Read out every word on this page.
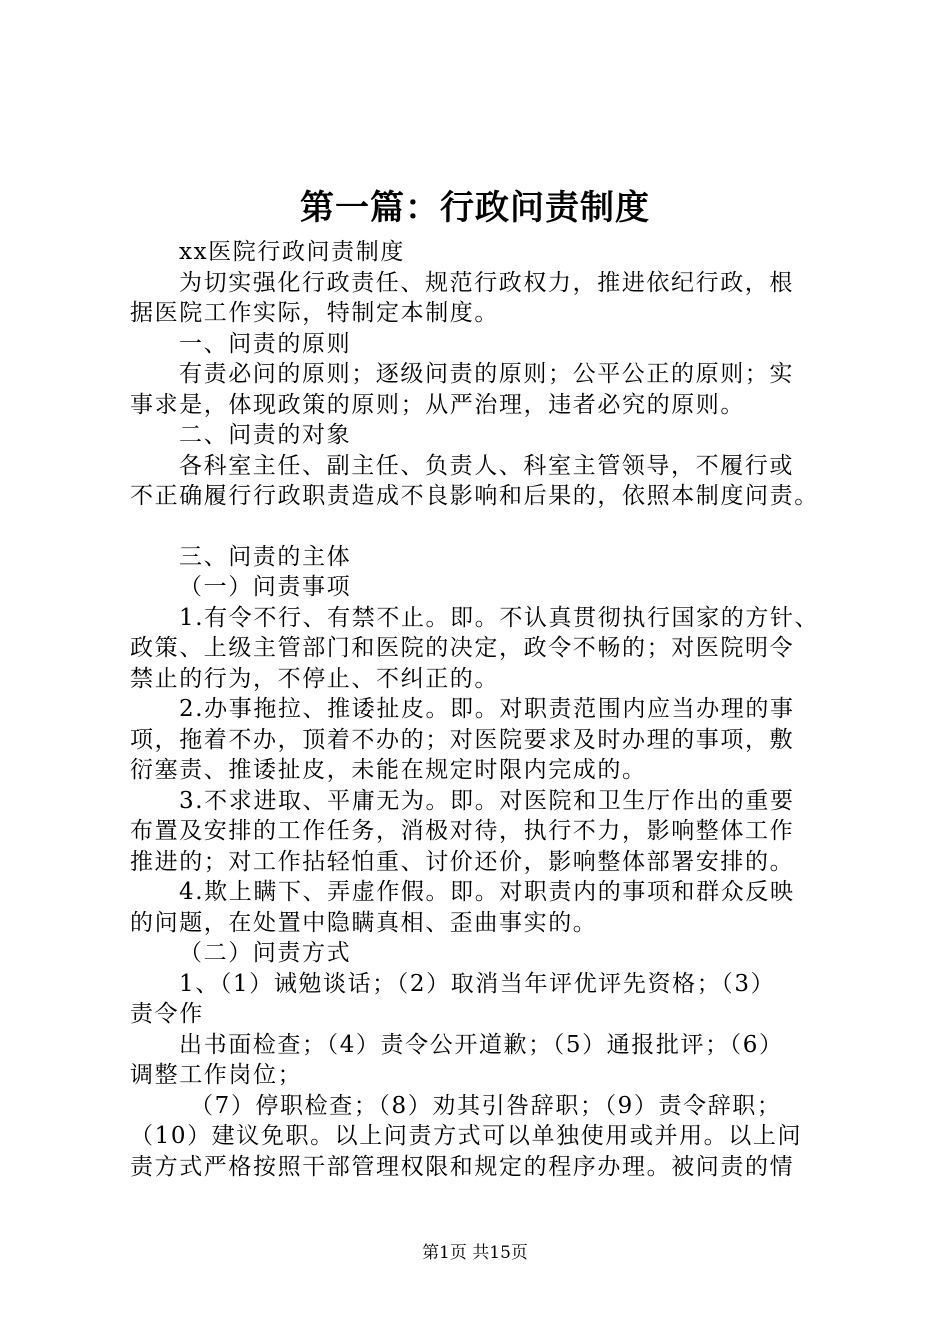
第一篇：行政问责制度

xx医院行政问责制度

为切实强化行政责任、规范行政权力，推进依纪行政，根

据医院工作实际，特制定本制度。

一、问责的原则

有责必问的原则；逐级问责的原则；公平公正的原则；实

事求是，体现政策的原则；从严治理，违者必究的原则。

二、问责的对象

各科室主任、副主任、负责人、科室主管领导，不履行或

不正确履行行政职责造成不良影响和后果的，依照本制度问责。

三、问责的主体

（一）问责事项

1.有令不行、有禁不止。即。不认真贯彻执行国家的方针、

政策、上级主管部门和医院的决定，政令不畅的；对医院明令

禁止的行为，不停止、不纠正的。

2.办事拖拉、推诿扯皮。即。对职责范围内应当办理的事

项，拖着不办，顶着不办的；对医院要求及时办理的事项，敷

衍塞责、推诿扯皮，未能在规定时限内完成的。

3.不求进取、平庸无为。即。对医院和卫生厅作出的重要

布置及安排的工作任务，消极对待，执行不力，影响整体工作

推进的；对工作拈轻怕重、讨价还价，影响整体部署安排的。

4.欺上瞒下、弄虚作假。即。对职责内的事项和群众反映

的问题，在处置中隐瞒真相、歪曲事实的。

（二）问责方式

1、（1）诫勉谈话；（2）取消当年评优评先资格；（3）

责令作

出书面检查；（4）责令公开道歉；（5）通报批评；（6）

调整工作岗位；

（7）停职检查；（8）劝其引咎辞职；（9）责令辞职；

（10）建议免职。以上问责方式可以单独使用或并用。以上问

责方式严格按照干部管理权限和规定的程序办理。被问责的情

第1页 共15页
